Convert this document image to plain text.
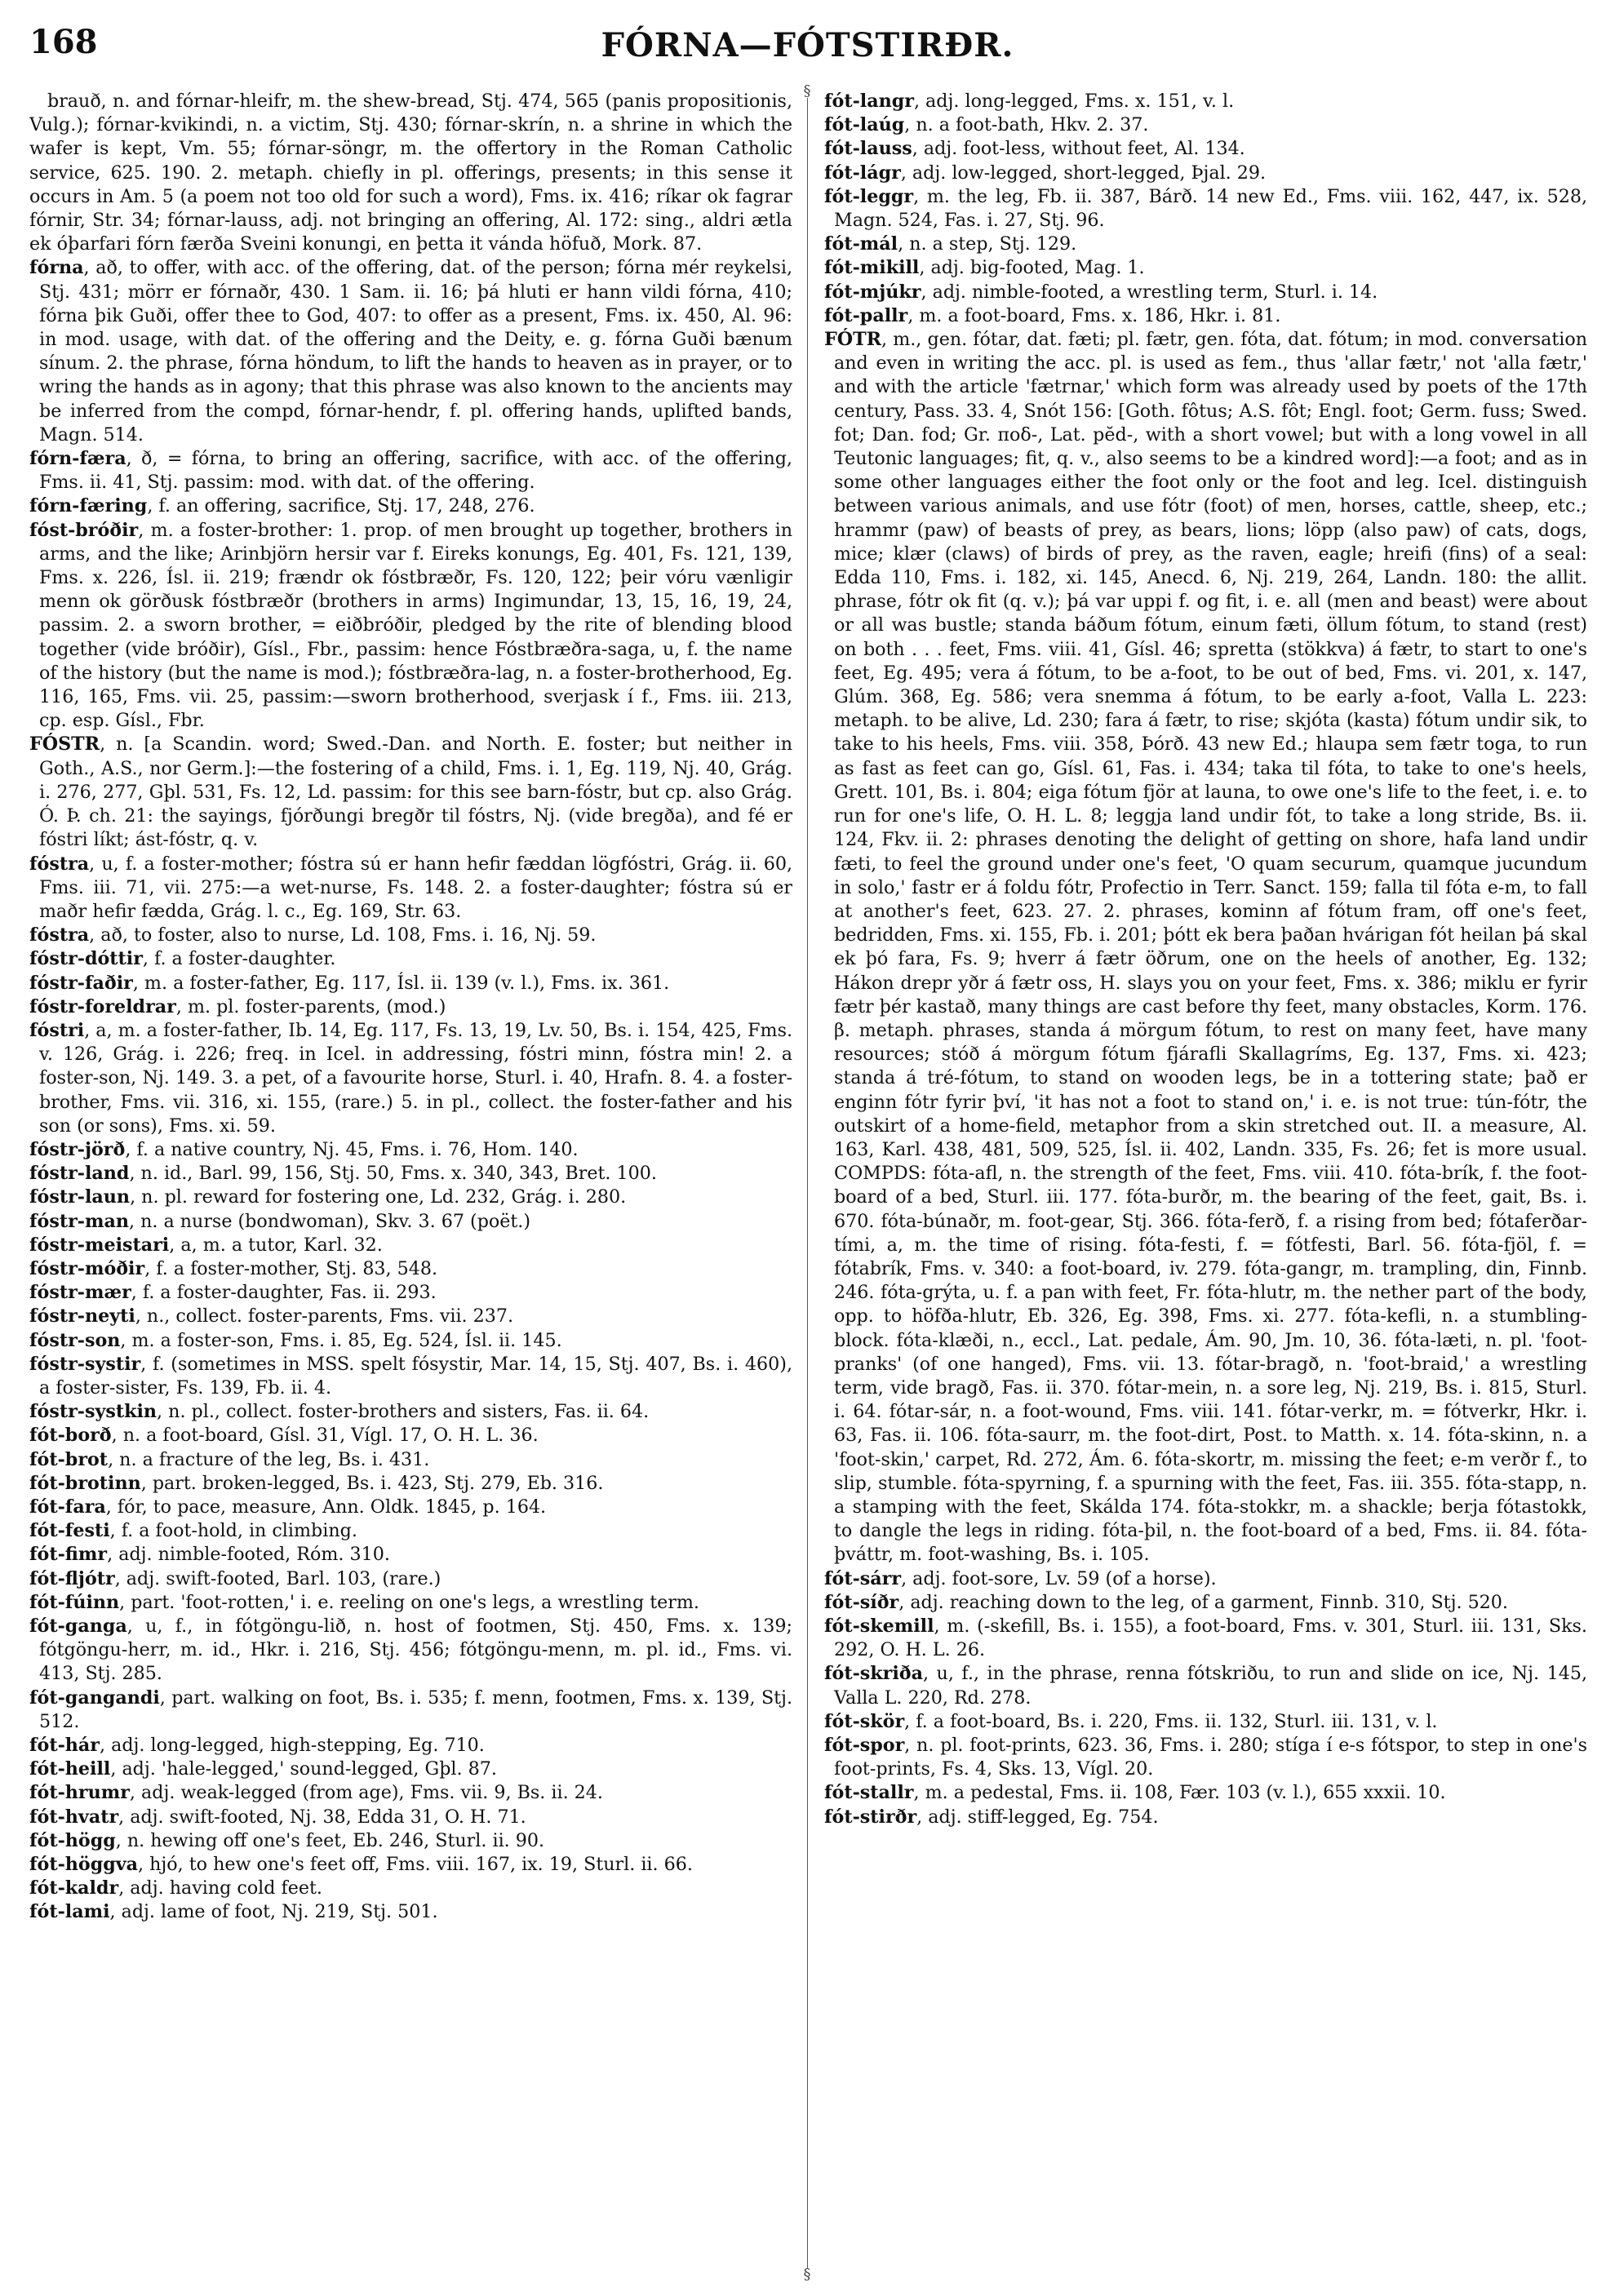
168	FÓRNA—FÓTSTIRÐR.

brauð, n. and fórnar-hleifr, m. the shew-bread, Stj. 474, 565 (panis propositionis, Vulg.); fórnar-kvikindi, n. a victim, Stj. 430; fórnar-skrín, n. a shrine in which the wafer is kept, Vm. 55; fórnar-söngr, m. the offertory in the Roman Catholic service, 625. 190. 2. metaph. chiefly in pl. offerings, presents; in this sense it occurs in Am. 5 (a poem not too old for such a word), Fms. ix. 416; ríkar ok fagrar fórnir, Str. 34; fórnar-lauss, adj. not bringing an offering, Al. 172: sing., aldri ætla ek óþarfari fórn færða Sveini konungi, en þetta it vánda höfuð, Mork. 87.

fórna, að, to offer, with acc. of the offering, dat. of the person; fórna mér reykelsi, Stj. 431; mörr er fórnaðr, 430. 1 Sam. ii. 16; þá hluti er hann vildi fórna, 410; fórna þik Guði, offer thee to God, 407: to offer as a present, Fms. ix. 450, Al. 96: in mod. usage, with dat. of the offering and the Deity, e. g. fórna Guði bænum sínum. 2. the phrase, fórna höndum, to lift the hands to heaven as in prayer, or to wring the hands as in agony; that this phrase was also known to the ancients may be inferred from the compd, fórnar-hendr, f. pl. offering hands, uplifted bands, Magn. 514.

fórn-færa, ð, = fórna, to bring an offering, sacrifice, with acc. of the offering, Fms. ii. 41, Stj. passim: mod. with dat. of the offering.

fórn-færing, f. an offering, sacrifice, Stj. 17, 248, 276.

fóst-bróðir, m. a foster-brother: 1. prop. of men brought up together, brothers in arms, and the like; Arinbjörn hersir var f. Eireks konungs, Eg. 401, Fs. 121, 139, Fms. x. 226, Ísl. ii. 219; frændr ok fóstbræðr, Fs. 120, 122; þeir vóru vænligir menn ok görðusk fóstbræðr (brothers in arms) Ingimundar, 13, 15, 16, 19, 24, passim. 2. a sworn brother, = eiðbróðir, pledged by the rite of blending blood together (vide bróðir), Gísl., Fbr., passim: hence Fóstbræðra-saga, u, f. the name of the history (but the name is mod.); fóstbræðra-lag, n. a foster-brotherhood, Eg. 116, 165, Fms. vii. 25, passim:—sworn brotherhood, sverjask í f., Fms. iii. 213, cp. esp. Gísl., Fbr.

FÓSTR, n. [a Scandin. word; Swed.-Dan. and North. E. foster; but neither in Goth., A.S., nor Germ.]:—the fostering of a child, Fms. i. 1, Eg. 119, Nj. 40, Grág. i. 276, 277, Gþl. 531, Fs. 12, Ld. passim: for this see barn-fóstr, but cp. also Grág. Ó. Þ. ch. 21: the sayings, fjórðungi bregðr til fóstrs, Nj. (vide bregða), and fé er fóstri líkt; ást-fóstr, q. v.

fóstra, u, f. a foster-mother; fóstra sú er hann hefir fæddan lögfóstri, Grág. ii. 60, Fms. iii. 71, vii. 275:—a wet-nurse, Fs. 148. 2. a foster-daughter; fóstra sú er maðr hefir fædda, Grág. l. c., Eg. 169, Str. 63.

fóstra, að, to foster, also to nurse, Ld. 108, Fms. i. 16, Nj. 59.

fóstr-dóttir, f. a foster-daughter.

fóstr-faðir, m. a foster-father, Eg. 117, Ísl. ii. 139 (v. l.), Fms. ix. 361.

fóstr-foreldrar, m. pl. foster-parents, (mod.)

fóstri, a, m. a foster-father, Ib. 14, Eg. 117, Fs. 13, 19, Lv. 50, Bs. i. 154, 425, Fms. v. 126, Grág. i. 226; freq. in Icel. in addressing, fóstri minn, fóstra min! 2. a foster-son, Nj. 149. 3. a pet, of a favourite horse, Sturl. i. 40, Hrafn. 8. 4. a foster-brother, Fms. vii. 316, xi. 155, (rare.) 5. in pl., collect. the foster-father and his son (or sons), Fms. xi. 59.

fóstr-jörð, f. a native country, Nj. 45, Fms. i. 76, Hom. 140.

fóstr-land, n. id., Barl. 99, 156, Stj. 50, Fms. x. 340, 343, Bret. 100.

fóstr-laun, n. pl. reward for fostering one, Ld. 232, Grág. i. 280.

fóstr-man, n. a nurse (bondwoman), Skv. 3. 67 (poët.)

fóstr-meistari, a, m. a tutor, Karl. 32.

fóstr-móðir, f. a foster-mother, Stj. 83, 548.

fóstr-mær, f. a foster-daughter, Fas. ii. 293.

fóstr-neyti, n., collect. foster-parents, Fms. vii. 237.

fóstr-son, m. a foster-son, Fms. i. 85, Eg. 524, Ísl. ii. 145.

fóstr-systir, f. (sometimes in MSS. spelt fósystir, Mar. 14, 15, Stj. 407, Bs. i. 460), a foster-sister, Fs. 139, Fb. ii. 4.

fóstr-systkin, n. pl., collect. foster-brothers and sisters, Fas. ii. 64.

fót-borð, n. a foot-board, Gísl. 31, Vígl. 17, O. H. L. 36.

fót-brot, n. a fracture of the leg, Bs. i. 431.

fót-brotinn, part. broken-legged, Bs. i. 423, Stj. 279, Eb. 316.

fót-fara, fór, to pace, measure, Ann. Oldk. 1845, p. 164.

fót-festi, f. a foot-hold, in climbing.

fót-fimr, adj. nimble-footed, Róm. 310.

fót-fljótr, adj. swift-footed, Barl. 103, (rare.)

fót-fúinn, part. 'foot-rotten,' i. e. reeling on one's legs, a wrestling term.

fót-ganga, u, f., in fótgöngu-lið, n. host of footmen, Stj. 450, Fms. x. 139; fótgöngu-herr, m. id., Hkr. i. 216, Stj. 456; fótgöngu-menn, m. pl. id., Fms. vi. 413, Stj. 285.

fót-gangandi, part. walking on foot, Bs. i. 535; f. menn, footmen, Fms. x. 139, Stj. 512.

fót-hár, adj. long-legged, high-stepping, Eg. 710.

fót-heill, adj. 'hale-legged,' sound-legged, Gþl. 87.

fót-hrumr, adj. weak-legged (from age), Fms. vii. 9, Bs. ii. 24.

fót-hvatr, adj. swift-footed, Nj. 38, Edda 31, O. H. 71.

fót-högg, n. hewing off one's feet, Eb. 246, Sturl. ii. 90.

fót-höggva, hjó, to hew one's feet off, Fms. viii. 167, ix. 19, Sturl. ii. 66.

fót-kaldr, adj. having cold feet.

fót-lami, adj. lame of foot, Nj. 219, Stj. 501.

§
§

fót-langr, adj. long-legged, Fms. x. 151, v. l.

fót-laúg, n. a foot-bath, Hkv. 2. 37.

fót-lauss, adj. foot-less, without feet, Al. 134.

fót-lágr, adj. low-legged, short-legged, Þjal. 29.

fót-leggr, m. the leg, Fb. ii. 387, Bárð. 14 new Ed., Fms. viii. 162, 447, ix. 528, Magn. 524, Fas. i. 27, Stj. 96.

fót-mál, n. a step, Stj. 129.

fót-mikill, adj. big-footed, Mag. 1.

fót-mjúkr, adj. nimble-footed, a wrestling term, Sturl. i. 14.

fót-pallr, m. a foot-board, Fms. x. 186, Hkr. i. 81.

FÓTR, m., gen. fótar, dat. fæti; pl. fætr, gen. fóta, dat. fótum; in mod. conversation and even in writing the acc. pl. is used as fem., thus 'allar fætr,' not 'alla fætr,' and with the article 'fætrnar,' which form was already used by poets of the 17th century, Pass. 33. 4, Snót 156: [Goth. fôtus; A.S. fôt; Engl. foot; Germ. fuss; Swed. fot; Dan. fod; Gr. ποδ-, Lat. pĕd-, with a short vowel; but with a long vowel in all Teutonic languages; fit, q. v., also seems to be a kindred word]:—a foot; and as in some other languages either the foot only or the foot and leg. Icel. distinguish between various animals, and use fótr (foot) of men, horses, cattle, sheep, etc.; hrammr (paw) of beasts of prey, as bears, lions; löpp (also paw) of cats, dogs, mice; klær (claws) of birds of prey, as the raven, eagle; hreifi (fins) of a seal: Edda 110, Fms. i. 182, xi. 145, Anecd. 6, Nj. 219, 264, Landn. 180: the allit. phrase, fótr ok fit (q. v.); þá var uppi f. og fit, i. e. all (men and beast) were about or all was bustle; standa báðum fótum, einum fæti, öllum fótum, to stand (rest) on both . . . feet, Fms. viii. 41, Gísl. 46; spretta (stökkva) á fætr, to start to one's feet, Eg. 495; vera á fótum, to be a-foot, to be out of bed, Fms. vi. 201, x. 147, Glúm. 368, Eg. 586; vera snemma á fótum, to be early a-foot, Valla L. 223: metaph. to be alive, Ld. 230; fara á fætr, to rise; skjóta (kasta) fótum undir sik, to take to his heels, Fms. viii. 358, Þórð. 43 new Ed.; hlaupa sem fætr toga, to run as fast as feet can go, Gísl. 61, Fas. i. 434; taka til fóta, to take to one's heels, Grett. 101, Bs. i. 804; eiga fótum fjör at launa, to owe one's life to the feet, i. e. to run for one's life, O. H. L. 8; leggja land undir fót, to take a long stride, Bs. ii. 124, Fkv. ii. 2: phrases denoting the delight of getting on shore, hafa land undir fæti, to feel the ground under one's feet, 'O quam securum, quamque jucundum in solo,' fastr er á foldu fótr, Profectio in Terr. Sanct. 159; falla til fóta e-m, to fall at another's feet, 623. 27. 2. phrases, kominn af fótum fram, off one's feet, bedridden, Fms. xi. 155, Fb. i. 201; þótt ek bera þaðan hvárigan fót heilan þá skal ek þó fara, Fs. 9; hverr á fætr öðrum, one on the heels of another, Eg. 132; Hákon drepr yðr á fætr oss, H. slays you on your feet, Fms. x. 386; miklu er fyrir fætr þér kastað, many things are cast before thy feet, many obstacles, Korm. 176. β. metaph. phrases, standa á mörgum fótum, to rest on many feet, have many resources; stóð á mörgum fótum fjárafli Skallagríms, Eg. 137, Fms. xi. 423; standa á tré-fótum, to stand on wooden legs, be in a tottering state; það er enginn fótr fyrir því, 'it has not a foot to stand on,' i. e. is not true: tún-fótr, the outskirt of a home-field, metaphor from a skin stretched out. II. a measure, Al. 163, Karl. 438, 481, 509, 525, Ísl. ii. 402, Landn. 335, Fs. 26; fet is more usual. COMPDS: fóta-afl, n. the strength of the feet, Fms. viii. 410. fóta-brík, f. the foot-board of a bed, Sturl. iii. 177. fóta-burðr, m. the bearing of the feet, gait, Bs. i. 670. fóta-búnaðr, m. foot-gear, Stj. 366. fóta-ferð, f. a rising from bed; fótaferðar-tími, a, m. the time of rising. fóta-festi, f. = fótfesti, Barl. 56. fóta-fjöl, f. = fótabrík, Fms. v. 340: a foot-board, iv. 279. fóta-gangr, m. trampling, din, Finnb. 246. fóta-grýta, u. f. a pan with feet, Fr. fóta-hlutr, m. the nether part of the body, opp. to höfða-hlutr, Eb. 326, Eg. 398, Fms. xi. 277. fóta-kefli, n. a stumbling-block. fóta-klæði, n., eccl., Lat. pedale, Ám. 90, Jm. 10, 36. fóta-læti, n. pl. 'foot-pranks' (of one hanged), Fms. vii. 13. fótar-bragð, n. 'foot-braid,' a wrestling term, vide bragð, Fas. ii. 370. fótar-mein, n. a sore leg, Nj. 219, Bs. i. 815, Sturl. i. 64. fótar-sár, n. a foot-wound, Fms. viii. 141. fótar-verkr, m. = fótverkr, Hkr. i. 63, Fas. ii. 106. fóta-saurr, m. the foot-dirt, Post. to Matth. x. 14. fóta-skinn, n. a 'foot-skin,' carpet, Rd. 272, Ám. 6. fóta-skortr, m. missing the feet; e-m verðr f., to slip, stumble. fóta-spyrning, f. a spurning with the feet, Fas. iii. 355. fóta-stapp, n. a stamping with the feet, Skálda 174. fóta-stokkr, m. a shackle; berja fótastokk, to dangle the legs in riding. fóta-þil, n. the foot-board of a bed, Fms. ii. 84. fóta-þváttr, m. foot-washing, Bs. i. 105.

fót-sárr, adj. foot-sore, Lv. 59 (of a horse).

fót-síðr, adj. reaching down to the leg, of a garment, Finnb. 310, Stj. 520.

fót-skemill, m. (-skefill, Bs. i. 155), a foot-board, Fms. v. 301, Sturl. iii. 131, Sks. 292, O. H. L. 26.

fót-skriða, u, f., in the phrase, renna fótskriðu, to run and slide on ice, Nj. 145, Valla L. 220, Rd. 278.

fót-skör, f. a foot-board, Bs. i. 220, Fms. ii. 132, Sturl. iii. 131, v. l.

fót-spor, n. pl. foot-prints, 623. 36, Fms. i. 280; stíga í e-s fótspor, to step in one's foot-prints, Fs. 4, Sks. 13, Vígl. 20.

fót-stallr, m. a pedestal, Fms. ii. 108, Fær. 103 (v. l.), 655 xxxii. 10.

fót-stirðr, adj. stiff-legged, Eg. 754.
